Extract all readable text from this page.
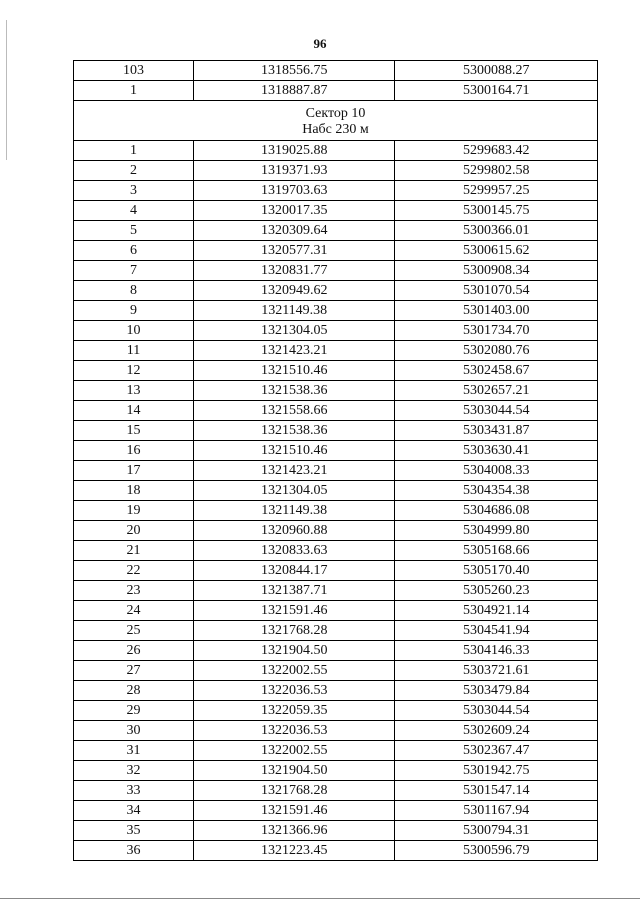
96
103	1318556.75	5300088.27
1	1318887.87	5300164.71

Сектор 10
Набс 230 м		

1	1319025.88	5299683.42
2	1319371.93	5299802.58
3	1319703.63	5299957.25
4	1320017.35	5300145.75
5	1320309.64	5300366.01
6	1320577.31	5300615.62
7	1320831.77	5300908.34
8	1320949.62	5301070.54
9	1321149.38	5301403.00
10	1321304.05	5301734.70
11	1321423.21	5302080.76
12	1321510.46	5302458.67
13	1321538.36	5302657.21
14	1321558.66	5303044.54
15	1321538.36	5303431.87
16	1321510.46	5303630.41
17	1321423.21	5304008.33
18	1321304.05	5304354.38
19	1321149.38	5304686.08
20	1320960.88	5304999.80
21	1320833.63	5305168.66
22	1320844.17	5305170.40
23	1321387.71	5305260.23
24	1321591.46	5304921.14
25	1321768.28	5304541.94
26	1321904.50	5304146.33
27	1322002.55	5303721.61
28	1322036.53	5303479.84
29	1322059.35	5303044.54
30	1322036.53	5302609.24
31	1322002.55	5302367.47
32	1321904.50	5301942.75
33	1321768.28	5301547.14
34	1321591.46	5301167.94
35	1321366.96	5300794.31
36	1321223.45	5300596.79
